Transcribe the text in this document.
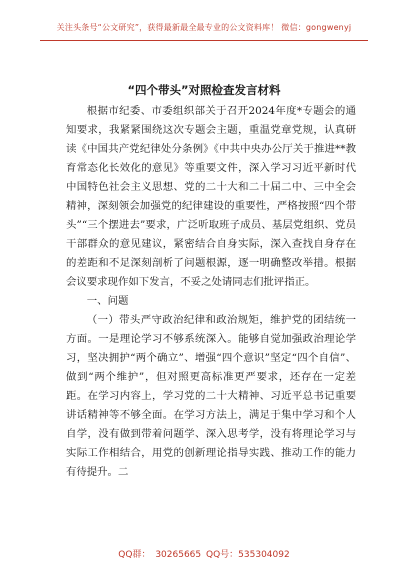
关注头条号“公文研究”，获得最新最全最专业的公文资料库！ 微信：gongwenyj
“四个带头”对照检查发言材料

根据市纪委、市委组织部关于召开2024年度*专题会的通知要求，我紧紧围绕这次专题会主题，重温党章党规，认真研读《中国共产党纪律处分条例》《中共中央办公厅关于推进**教育常态化长效化的意见》等重要文件，深入学习习近平新时代中国特色社会主义思想、党的二十大和二十届二中、三中全会精神，深刻领会加强党的纪律建设的重要性，严格按照“四个带头”“三个摆进去”要求，广泛听取班子成员、基层党组织、党员干部群众的意见建议，紧密结合自身实际，深入查找自身存在的差距和不足深刻剖析了问题根源，逐一明确整改举措。根据会议要求现作如下发言，不妥之处请同志们批评指正。

一、问题

（一）带头严守政治纪律和政治规矩，维护党的团结统一方面。一是理论学习不够系统深入。能够自觉加强政治理论学习，坚决拥护“两个确立”、增强“四个意识”坚定“四个自信”、做到“两个维护”，但对照更高标准更严要求，还存在一定差距。在学习内容上，学习党的二十大精神、习近平总书记重要讲话精神等不够全面。在学习方法上，满足于集中学习和个人自学，没有做到带着问题学、深入思考学，没有将理论学习与实际工作相结合，用党的创新理论指导实践、推动工作的能力有待提升。二

QQ群： 30265665 QQ号：535304092
